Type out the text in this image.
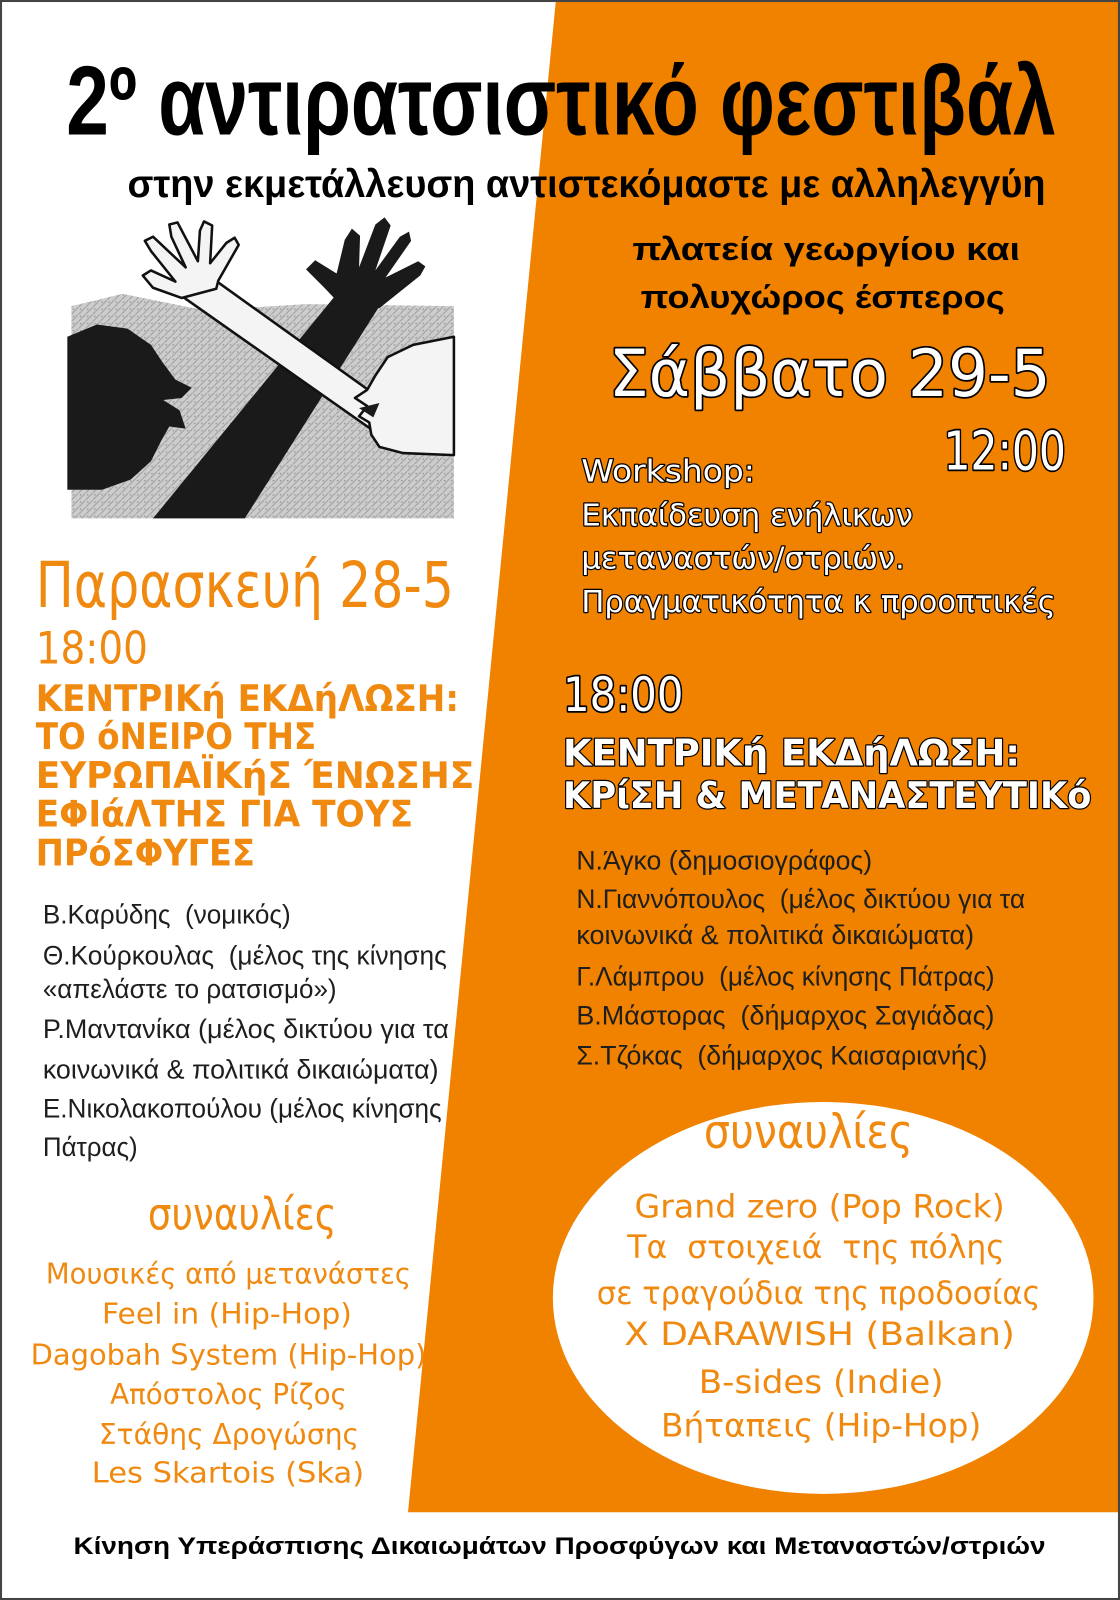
2º αντιρατσιστικό φεστιβάλ
στην εκμετάλλευση αντιστεκόμαστε με αλληλεγγύη
πλατεία γεωργίου και
πολυχώρος έσπερος
Σάββατο 29-5
12:00
Workshop:
Εκπαίδευση ενήλικων
μεταναστών/στριών.
Πραγματικότητα κ προοπτικές
18:00
ΚΕΝΤΡΙΚή ΕΚΔήΛΩΣΗ:
ΚΡίΣΗ & ΜΕΤΑΝΑΣΤΕΥΤΙΚό
Ν.Άγκο (δημοσιογράφος)
Ν.Γιαννόπουλος  (μέλος δικτύου για τα
κοινωνικά & πολιτικά δικαιώματα)
Γ.Λάμπρου  (μέλος κίνησης Πάτρας)
Β.Μάστορας  (δήμαρχος Σαγιάδας)
Σ.Τζόκας  (δήμαρχος Καισαριανής)
συναυλίες
Grand zero (Pop Rock)
Τα  στοιχειά  της πόλης
σε τραγούδια της προδοσίας
X DARAWISH (Balkan)
B-sides (Indie)
Βήταπεις (Hip-Hop)
Παρασκευή 28-5
18:00
ΚΕΝΤΡΙΚή ΕΚΔήΛΩΣΗ:
ΤΟ όΝΕΙΡΟ ΤΗΣ
ΕΥΡΩΠΑΪΚήΣ ΈΝΩΣΗΣ
ΕΦΙάΛΤΗΣ ΓΙΑ ΤΟΥΣ
ΠΡόΣΦΥΓΕΣ
Β.Καρύδης  (νομικός)
Θ.Κούρκουλας  (μέλος της κίνησης
«απελάστε το ρατσισμό»)
Ρ.Μαντανίκα (μέλος δικτύου για τα
κοινωνικά & πολιτικά δικαιώματα)
Ε.Νικολακοπούλου (μέλος κίνησης
Πάτρας)
συναυλίες
Μουσικές από μετανάστες
Feel in (Hip-Hop)
Dagobah System (Hip-Hop)
Απόστολος Ρίζος
Στάθης Δρογώσης
Les Skartois (Ska)
Κίνηση Υπεράσπισης Δικαιωμάτων Προσφύγων και Μεταναστών/στριών
